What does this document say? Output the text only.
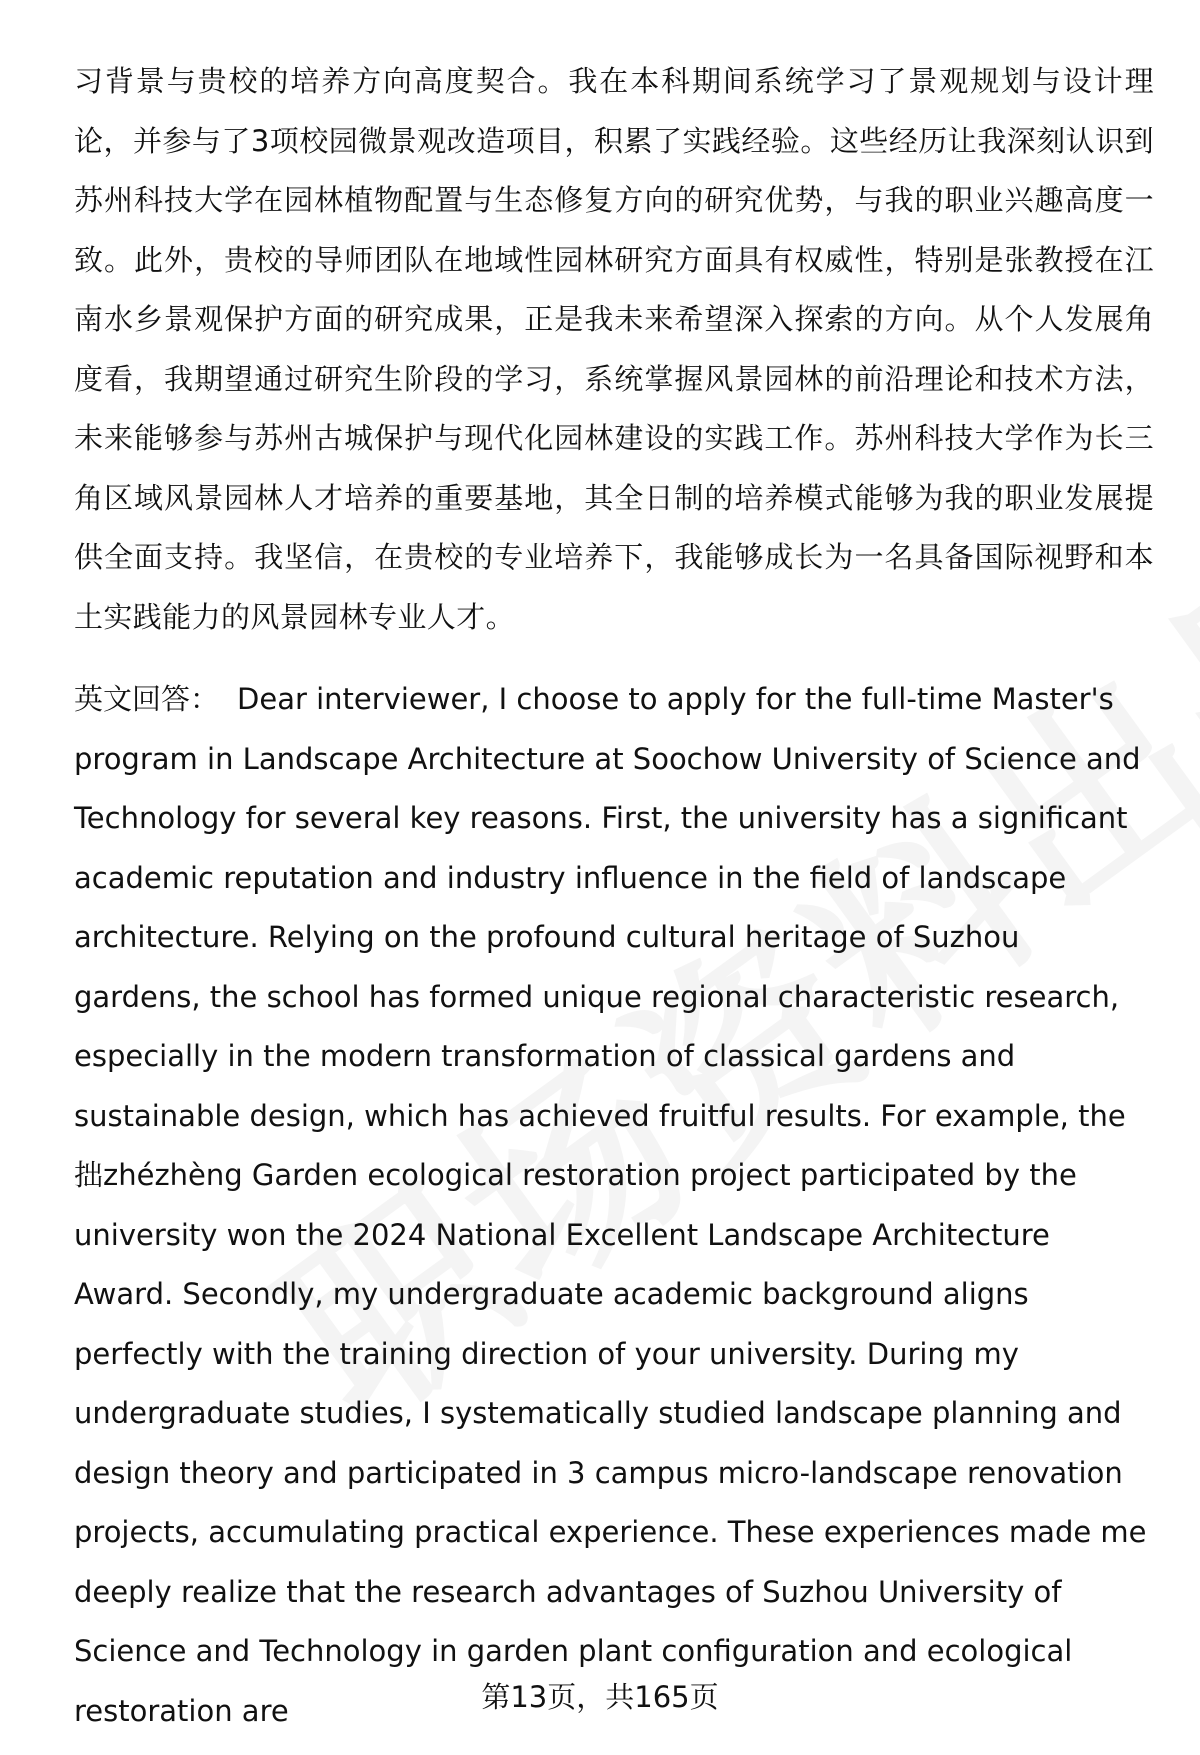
习背景与贵校的培养方向高度契合。我在本科期间系统学习了景观规划与设计理论，并参与了3项校园微景观改造项目，积累了实践经验。这些经历让我深刻认识到苏州科技大学在园林植物配置与生态修复方向的研究优势，与我的职业兴趣高度一致。此外，贵校的导师团队在地域性园林研究方面具有权威性，特别是张教授在江南水乡景观保护方面的研究成果，正是我未来希望深入探索的方向。从个人发展角度看，我期望通过研究生阶段的学习，系统掌握风景园林的前沿理论和技术方法，未来能够参与苏州古城保护与现代化园林建设的实践工作。苏州科技大学作为长三角区域风景园林人才培养的重要基地，其全日制的培养模式能够为我的职业发展提供全面支持。我坚信，在贵校的专业培养下，我能够成长为一名具备国际视野和本土实践能力的风景园林专业人才。

英文回答： Dear interviewer, I choose to apply for the full-time Master's program in Landscape Architecture at Soochow University of Science and Technology for several key reasons. First, the university has a significant academic reputation and industry influence in the field of landscape architecture. Relying on the profound cultural heritage of Suzhou gardens, the school has formed unique regional characteristic research, especially in the modern transformation of classical gardens and sustainable design, which has achieved fruitful results. For example, the拙zhézhèng Garden ecological restoration project participated by the university won the 2024 National Excellent Landscape Architecture Award. Secondly, my undergraduate academic background aligns perfectly with the training direction of your university. During my undergraduate studies, I systematically studied landscape planning and design theory and participated in 3 campus micro-landscape renovation projects, accumulating practical experience. These experiences made me deeply realize that the research advantages of Suzhou University of Science and Technology in garden plant configuration and ecological restoration are	第13页，共165页
